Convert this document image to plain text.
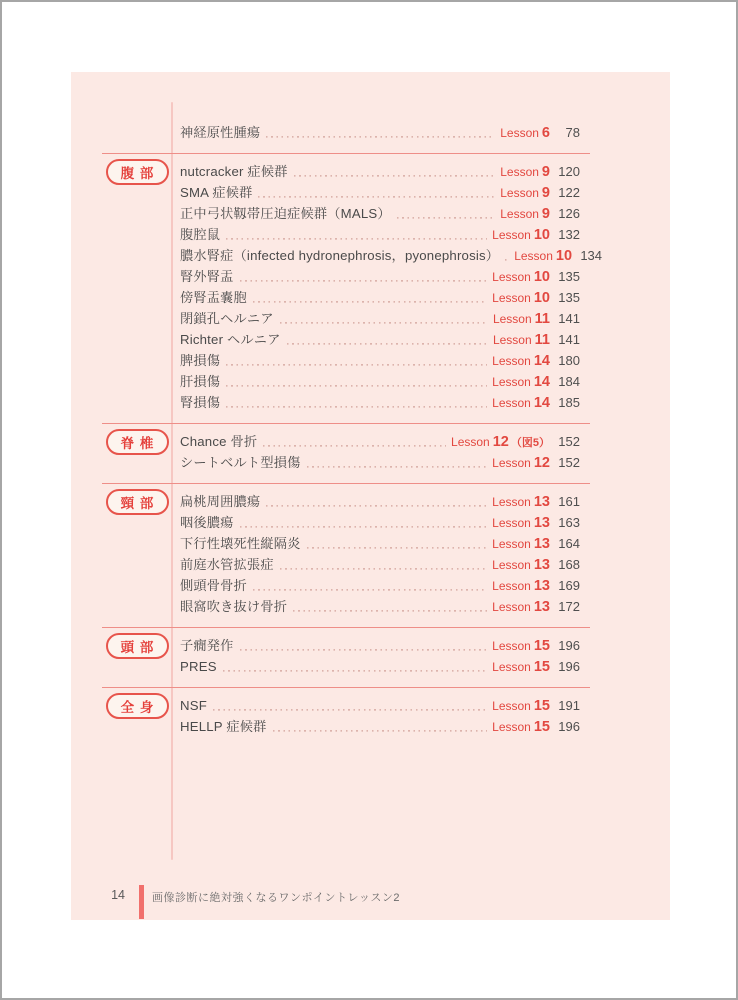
神経原性腫瘍	Lesson 6	78
腹 部	nutcracker 症候群	Lesson 9 120
SMA 症候群	Lesson 9 122
正中弓状靱帯圧迫症候群（MALS）	Lesson 9 126
腹腔鼠	Lesson 10 132
膿水腎症（infected hydronephrosis，pyonephrosis） Lesson 10 134
腎外腎盂	Lesson 10 135
傍腎盂嚢胞	Lesson 10 135
閉鎖孔ヘルニア	Lesson 11 141
Richter ヘルニア	Lesson 11 141
脾損傷	Lesson 14 180
肝損傷	Lesson 14 184
腎損傷	Lesson 14 185
脊 椎	Chance 骨折	Lesson 12 （図5） 152
シートベルト型損傷	Lesson 12 152
頸 部	扁桃周囲膿瘍	Lesson 13 161
咽後膿瘍	Lesson 13 163
下行性壊死性縦隔炎	Lesson 13 164
前庭水管拡張症	Lesson 13 168
側頭骨骨折	Lesson 13 169
眼窩吹き抜け骨折	Lesson 13 172
頭 部	子癇発作	Lesson 15 196
PRES	Lesson 15 196
全 身	NSF	Lesson 15 191
HELLP 症候群	Lesson 15 196
14 画像診断に絶対強くなるワンポイントレッスン2
